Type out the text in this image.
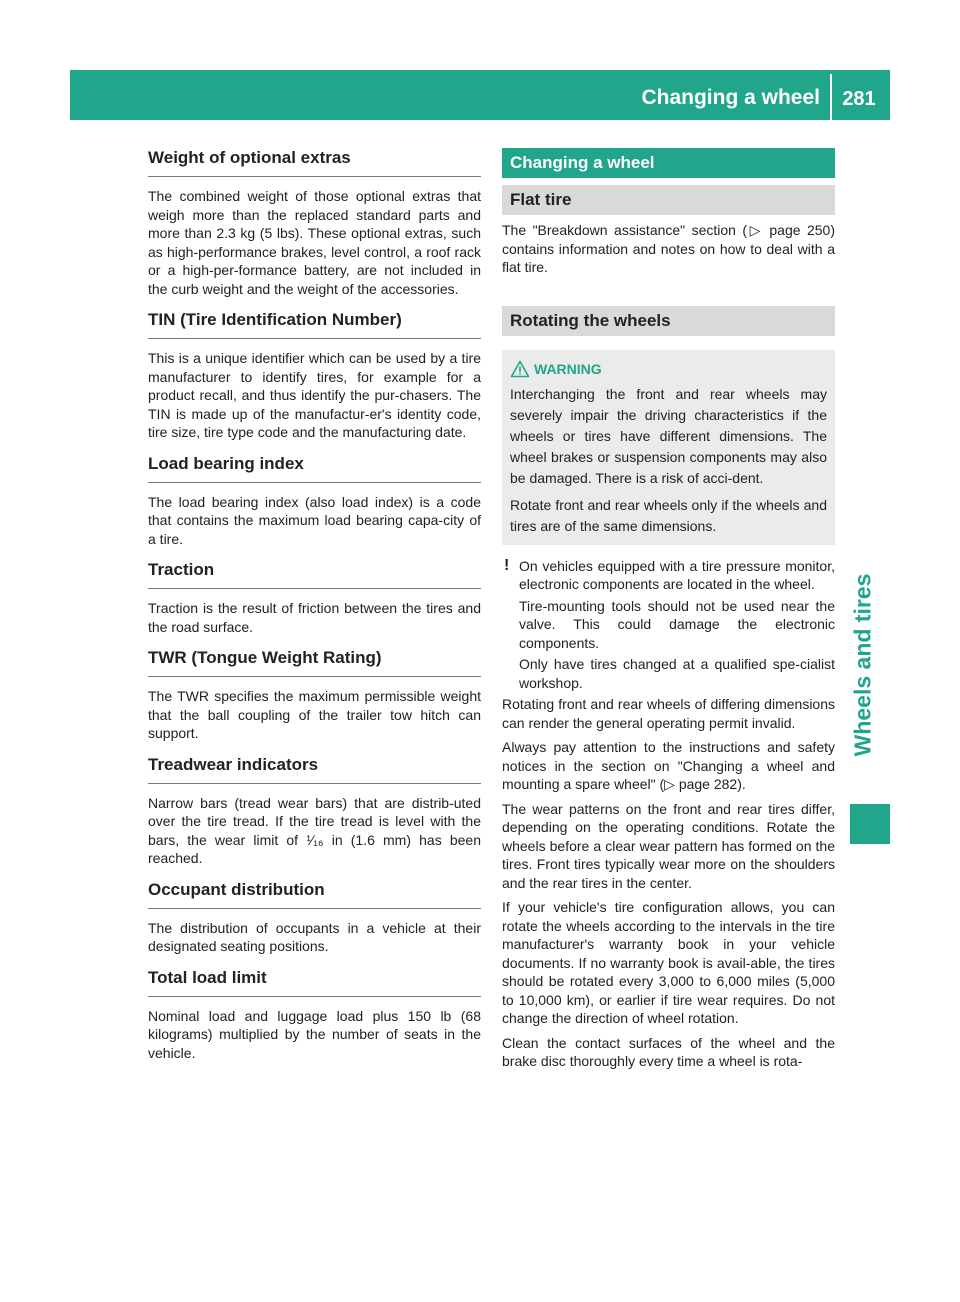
Changing a wheel	281
Wheels and tires
Weight of optional extras

The combined weight of those optional extras that weigh more than the replaced standard parts and more than 2.3 kg (5 lbs). These optional extras, such as high-performance brakes, level control, a roof rack or a high-per-formance battery, are not included in the curb weight and the weight of the accessories.

TIN (Tire Identification Number)

This is a unique identifier which can be used by a tire manufacturer to identify tires, for example for a product recall, and thus identify the pur-chasers. The TIN is made up of the manufactur-er's identity code, tire size, tire type code and the manufacturing date.

Load bearing index

The load bearing index (also load index) is a code that contains the maximum load bearing capa-city of a tire.

Traction

Traction is the result of friction between the tires and the road surface.

TWR (Tongue Weight Rating)

The TWR specifies the maximum permissible weight that the ball coupling of the trailer tow hitch can support.

Treadwear indicators

Narrow bars (tread wear bars) that are distrib-uted over the tire tread. If the tire tread is level with the bars, the wear limit of ¹⁄₁₆ in (1.6 mm) has been reached.

Occupant distribution

The distribution of occupants in a vehicle at their designated seating positions.

Total load limit

Nominal load and luggage load plus 150 lb (68 kilograms) multiplied by the number of seats in the vehicle.

Changing a wheel
Flat tire

The "Breakdown assistance" section (▷ page 250) contains information and notes on how to deal with a flat tire.

Rotating the wheels
WARNING

Interchanging the front and rear wheels may severely impair the driving characteristics if the wheels or tires have different dimensions. The wheel brakes or suspension components may also be damaged. There is a risk of acci-dent.

Rotate front and rear wheels only if the wheels and tires are of the same dimensions.

! On vehicles equipped with a tire pressure monitor, electronic components are located in the wheel.

Tire-mounting tools should not be used near the valve. This could damage the electronic components.

Only have tires changed at a qualified spe-cialist workshop.

Rotating front and rear wheels of differing dimensions can render the general operating permit invalid.

Always pay attention to the instructions and safety notices in the section on "Changing a wheel and mounting a spare wheel" (▷ page 282).

The wear patterns on the front and rear tires differ, depending on the operating conditions. Rotate the wheels before a clear wear pattern has formed on the tires. Front tires typically wear more on the shoulders and the rear tires in the center.

If your vehicle's tire configuration allows, you can rotate the wheels according to the intervals in the tire manufacturer's warranty book in your vehicle documents. If no warranty book is avail-able, the tires should be rotated every 3,000 to 6,000 miles (5,000 to 10,000 km), or earlier if tire wear requires. Do not change the direction of wheel rotation.

Clean the contact surfaces of the wheel and the brake disc thoroughly every time a wheel is rota-
